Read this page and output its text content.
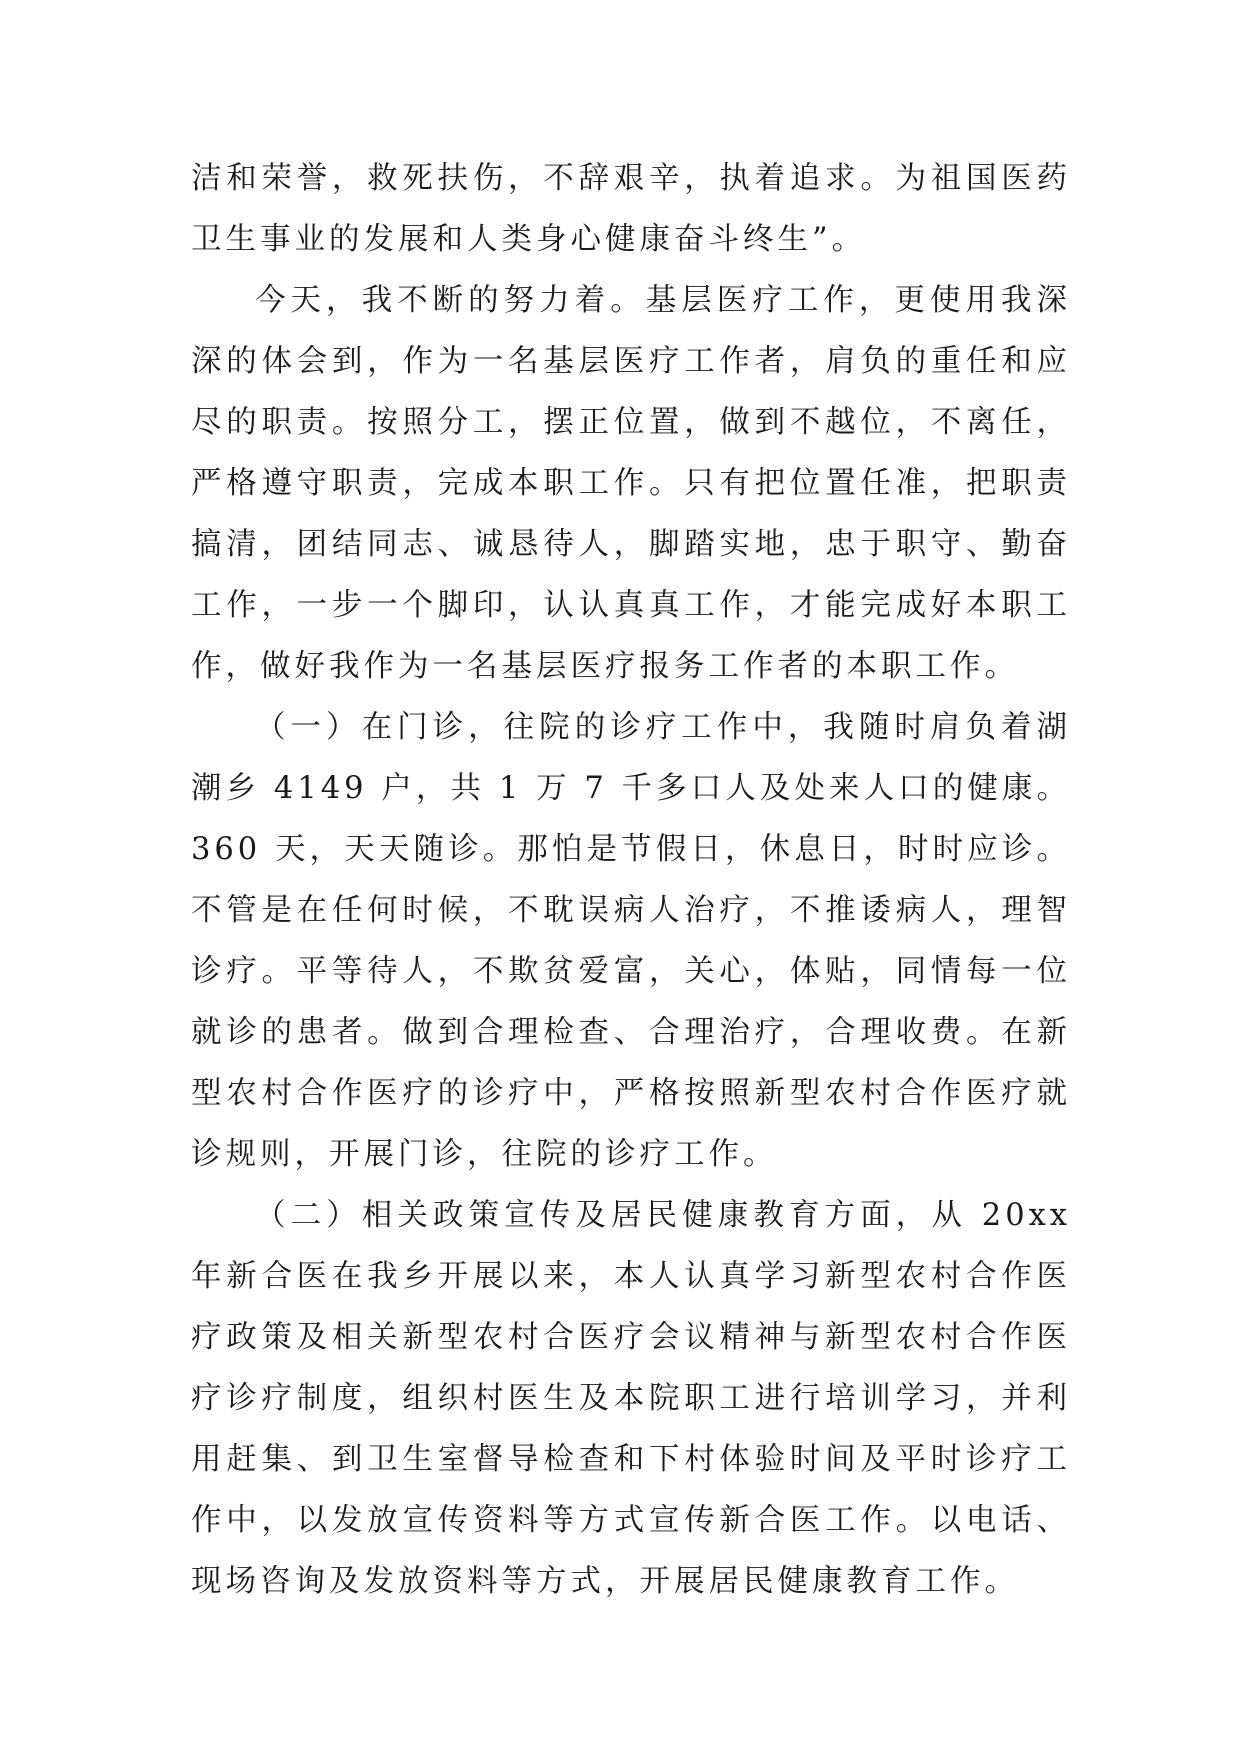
洁和荣誉，救死扶伤，不辞艰辛，执着追求。为祖国医药卫生事业的发展和人类身心健康奋斗终生”。

今天，我不断的努力着。基层医疗工作，更使用我深深的体会到，作为一名基层医疗工作者，肩负的重任和应尽的职责。按照分工，摆正位置，做到不越位，不离任，严格遵守职责，完成本职工作。只有把位置任准，把职责搞清，团结同志、诚恳待人，脚踏实地，忠于职守、勤奋工作，一步一个脚印，认认真真工作，才能完成好本职工作，做好我作为一名基层医疗报务工作者的本职工作。

（一）在门诊，往院的诊疗工作中，我随时肩负着湖潮乡 4149 户，共 1 万 7 千多口人及处来人口的健康。360 天，天天随诊。那怕是节假日，休息日，时时应诊。不管是在任何时候，不耽误病人治疗，不推诿病人，理智诊疗。平等待人，不欺贫爱富，关心，体贴，同情每一位就诊的患者。做到合理检查、合理治疗，合理收费。在新型农村合作医疗的诊疗中，严格按照新型农村合作医疗就诊规则，开展门诊，往院的诊疗工作。

（二）相关政策宣传及居民健康教育方面，从 20xx 年新合医在我乡开展以来，本人认真学习新型农村合作医疗政策及相关新型农村合医疗会议精神与新型农村合作医疗诊疗制度，组织村医生及本院职工进行培训学习，并利用赶集、到卫生室督导检查和下村体验时间及平时诊疗工作中，以发放宣传资料等方式宣传新合医工作。以电话、现场咨询及发放资料等方式，开展居民健康教育工作。
